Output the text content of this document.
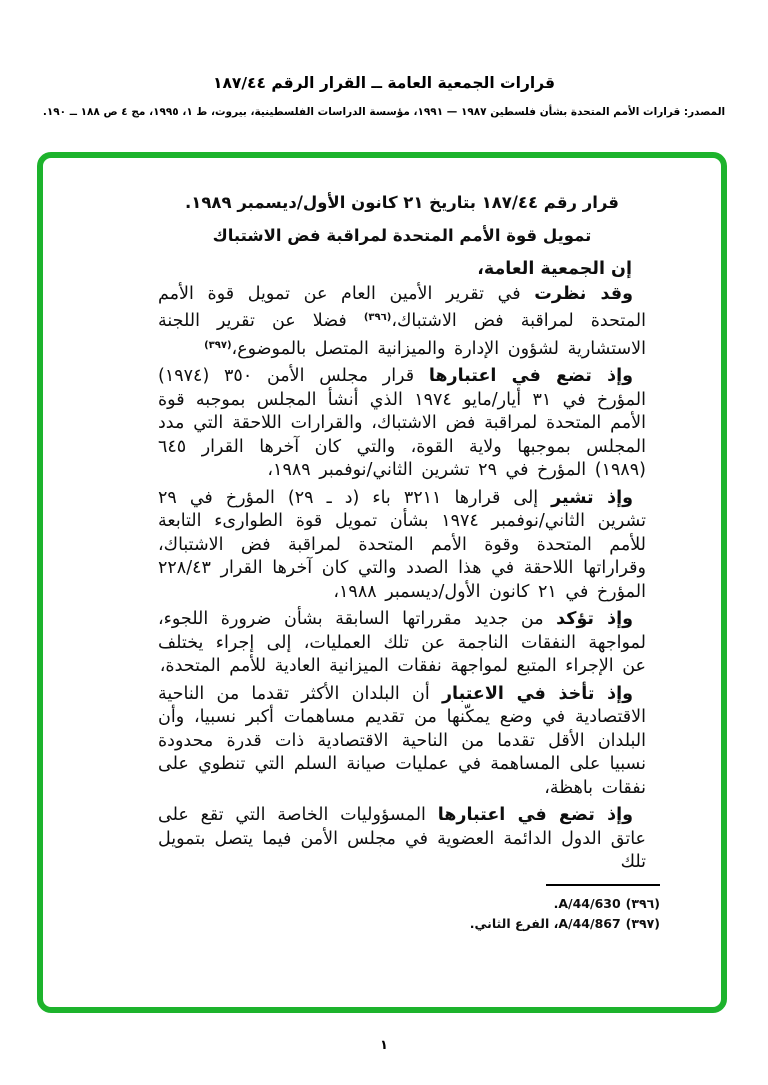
قرارات الجمعية العامة ــ القرار الرقم ١٨٧/٤٤
المصدر: قرارات الأمم المتحدة بشأن فلسطين ١٩٨٧ — ١٩٩١، مؤسسة الدراسات الفلسطينية، بيروت، ط ١، ١٩٩٥، مج ٤ ص ١٨٨ ــ ١٩٠.
قرار رقم ١٨٧/٤٤ بتاريخ ٢١ كانون الأول/ديسمبر ١٩٨٩.
تمويل قوة الأمم المتحدة لمراقبة فض الاشتباك
إن الجمعية العامة،
وقد نظرت في تقرير الأمين العام عن تمويل قوة الأمم المتحدة لمراقبة فض الاشتباك،$^{(٣٩٦)}$ فضلا عن تقرير اللجنة الاستشارية لشؤون الإدارة والميزانية المتصل بالموضوع،$^{(٣٩٧)}$
وإذ تضع في اعتبارها قرار مجلس الأمن ٣٥٠ (١٩٧٤) المؤرخ في ٣١ أيار/مايو ١٩٧٤ الذي أنشأ المجلس بموجبه قوة الأمم المتحدة لمراقبة فض الاشتباك، والقرارات اللاحقة التي مدد المجلس بموجبها ولاية القوة، والتي كان آخرها القرار ٦٤٥ (١٩٨٩) المؤرخ في ٢٩ تشرين الثاني/نوفمبر ١٩٨٩،
وإذ تشير إلى قرارها ٣٢١١ باء (د ـ ٢٩) المؤرخ في ٢٩ تشرين الثاني/نوفمبر ١٩٧٤ بشأن تمويل قوة الطوارىء التابعة للأمم المتحدة وقوة الأمم المتحدة لمراقبة فض الاشتباك، وقراراتها اللاحقة في هذا الصدد والتي كان آخرها القرار ٢٢٨/٤٣ المؤرخ في ٢١ كانون الأول/ديسمبر ١٩٨٨،
وإذ تؤكد من جديد مقرراتها السابقة بشأن ضرورة اللجوء، لمواجهة النفقات الناجمة عن تلك العمليات، إلى إجراء يختلف عن الإجراء المتبع لمواجهة نفقات الميزانية العادية للأمم المتحدة،
وإذ تأخذ في الاعتبار أن البلدان الأكثر تقدما من الناحية الاقتصادية في وضع يمكّنها من تقديم مساهمات أكبر نسبيا، وأن البلدان الأقل تقدما من الناحية الاقتصادية ذات قدرة محدودة نسبيا على المساهمة في عمليات صيانة السلم التي تنطوي على نفقات باهظة،
وإذ تضع في اعتبارها المسؤوليات الخاصة التي تقع على عاتق الدول الدائمة العضوية في مجلس الأمن فيما يتصل بتمويل تلك
(٣٩٦)A/44/630.
(٣٩٧)A/44/867، الفرع الثاني.
١
